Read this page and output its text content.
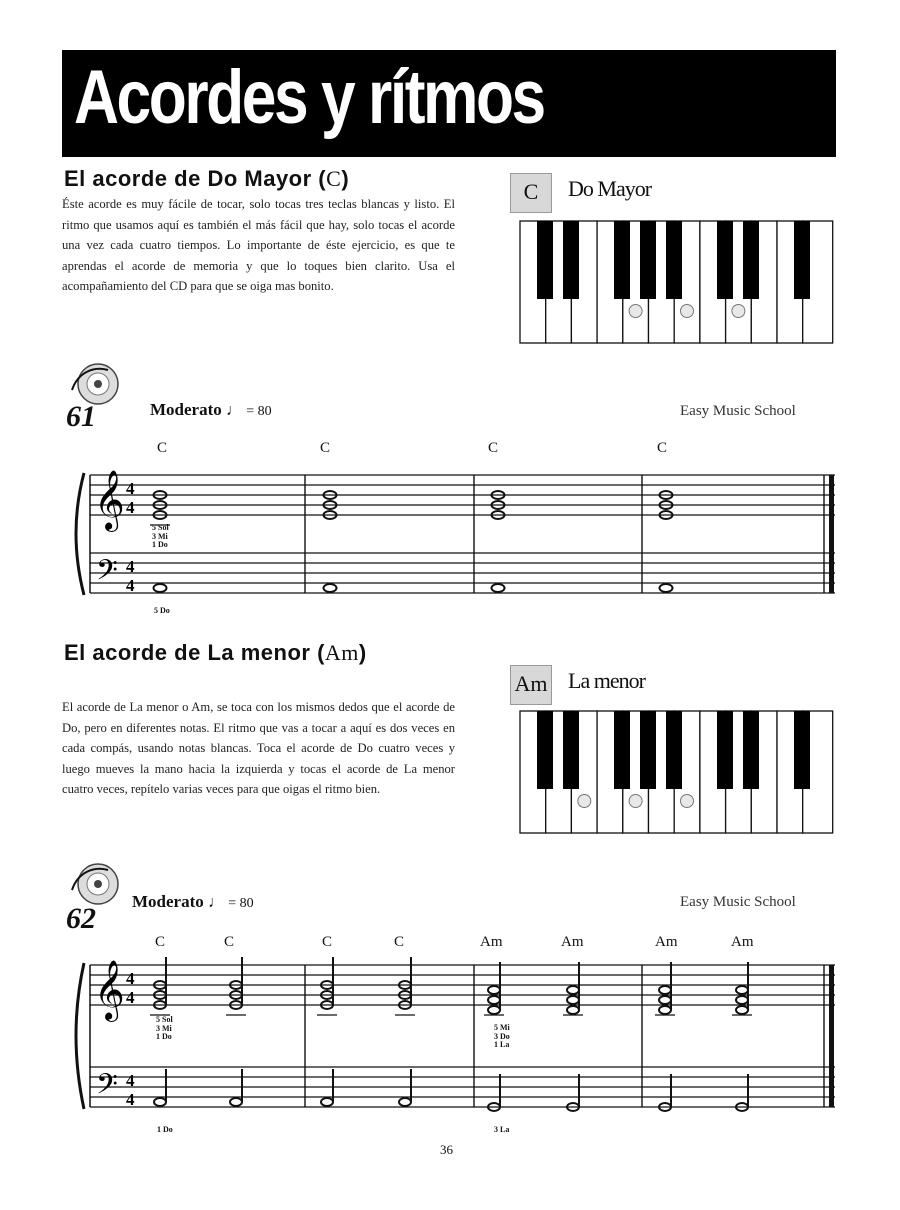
Acordes y rítmos
El acorde de Do Mayor (C)
Éste acorde es muy fácile de tocar, solo tocas tres teclas blancas y listo. El ritmo que usamos aquí es también el más fácil que hay, solo tocas el acorde una vez cada cuatro tiempos. Lo importante de éste ejercicio, es que te aprendas el acorde de memoria y que lo toques bien clarito. Usa el acompañamiento del CD para que se oiga mas bonito.
C	Do Mayor
61	Moderato ♩ = 80	Easy Music School
C	C	C	C
𝄞
𝄢
4
4
4
4
5 Sol
3 Mi
1 Do
5 Do
El acorde de La menor (Am)
El acorde de La menor o Am, se toca con los mismos dedos que el acorde de Do, pero en diferentes notas. El ritmo que vas a tocar a aquí es dos veces en cada compás, usando notas blancas. Toca el acorde de Do cuatro veces y luego mueves la mano hacia la izquierda y tocas el acorde de La menor cuatro veces, repítelo varias veces para que oigas el ritmo bien.
Am La menor
62
Moderato ♩ = 80	Easy Music School
C	C	C	C	Am	Am	Am	Am
𝄞
𝄢
4
4
4
4
5 Sol
3 Mi
1 Do
5 Mi
3 Do
1 La
1 Do	3 La
36
